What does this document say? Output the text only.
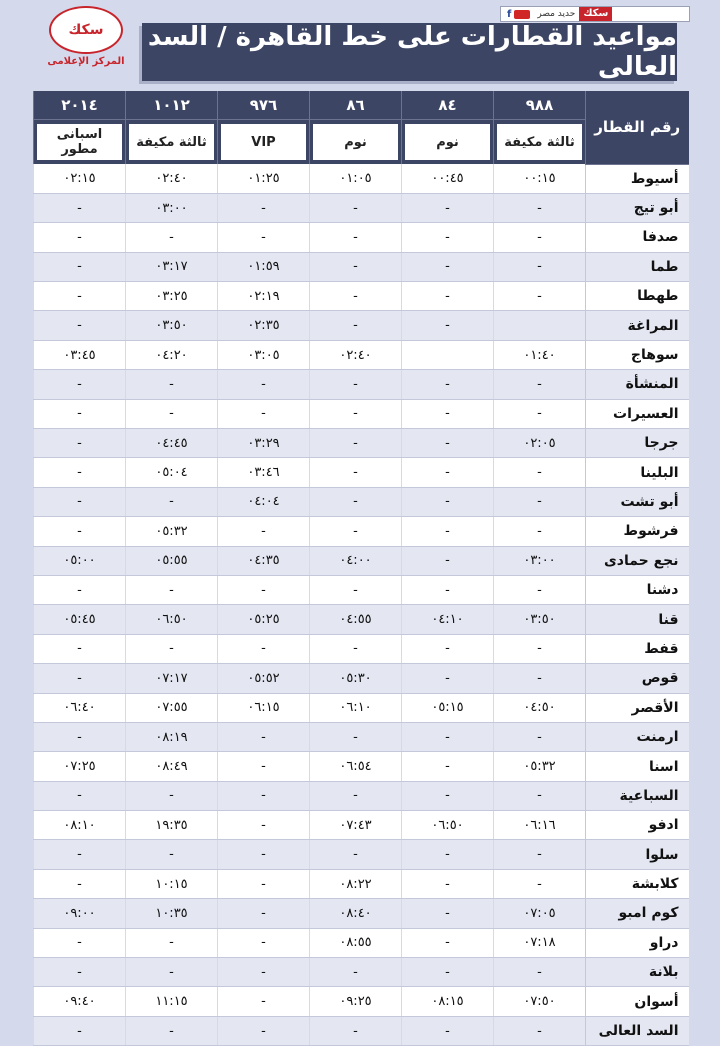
f	حديد مصر سكك
سكك
المركز الإعلامى
مواعيد القطارات على خط القاهرة / السد العالى
٢٠١٤	١٠١٢	٩٧٦	٨٦	٨٤	٩٨٨	رقم القطار

اسبانى مطور	ثالثة مكيفة	VIP	نوم	نوم	ثالثة مكيفة	

٠٢:١٥	٠٢:٤٠	٠١:٢٥	٠١:٠٥	٠٠:٤٥	٠٠:١٥	أسيوط
-	٠٣:٠٠	-	-	-	-	أبو تيج
-	-	-	-	-	-	صدفا
-	٠٣:١٧	٠١:٥٩	-	-	-	طما
-	٠٣:٢٥	٠٢:١٩	-	-	-	طهطا
-	٠٣:٥٠	٠٢:٣٥	-	-		المراغة
٠٣:٤٥	٠٤:٢٠	٠٣:٠٥	٠٢:٤٠		٠١:٤٠	سوهاج
-	-	-	-	-	-	المنشأة
-	-	-	-	-	-	العسيرات
-	٠٤:٤٥	٠٣:٢٩	-	-	٠٢:٠٥	جرجا
-	٠٥:٠٤	٠٣:٤٦	-	-	-	البلينا
-	-	٠٤:٠٤	-	-	-	أبو تشت
-	٠٥:٣٢	-	-	-	-	فرشوط
٠٥:٠٠	٠٥:٥٥	٠٤:٣٥	٠٤:٠٠	-	٠٣:٠٠	نجع حمادى
-	-	-	-	-	-	دشنا
٠٥:٤٥	٠٦:٥٠	٠٥:٢٥	٠٤:٥٥	٠٤:١٠	٠٣:٥٠	قنا
-	-	-	-	-	-	قفط
-	٠٧:١٧	٠٥:٥٢	٠٥:٣٠	-	-	قوص
٠٦:٤٠	٠٧:٥٥	٠٦:١٥	٠٦:١٠	٠٥:١٥	٠٤:٥٠	الأقصر
-	٠٨:١٩	-	-	-	-	ارمنت
٠٧:٢٥	٠٨:٤٩	-	٠٦:٥٤	-	٠٥:٣٢	اسنا
-	-	-	-	-	-	السباعية
٠٨:١٠	١٩:٣٥	-	٠٧:٤٣	٠٦:٥٠	٠٦:١٦	ادفو
-	-	-	-	-	-	سلوا
-	١٠:١٥	-	٠٨:٢٢	-	-	كلابشة
٠٩:٠٠	١٠:٣٥	-	٠٨:٤٠	-	٠٧:٠٥	كوم امبو
-	-	-	٠٨:٥٥	-	٠٧:١٨	دراو
-	-	-	-	-	-	بلانة
٠٩:٤٠	١١:١٥	-	٠٩:٢٥	٠٨:١٥	٠٧:٥٠	أسوان
-	-	-	-	-	-	السد العالى
